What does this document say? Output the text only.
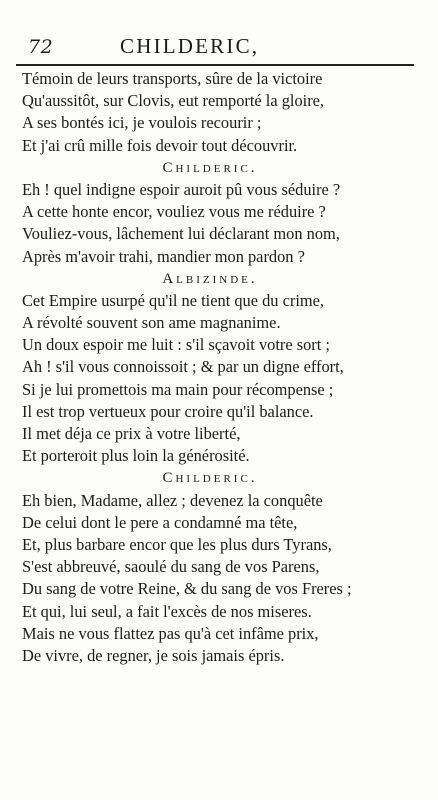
72	CHILDERIC,
Témoin de leurs transports, sûre de la victoire
Qu'aussitôt, sur Clovis, eut remporté la gloire,
A ses bontés ici, je voulois recourir ;
Et j'ai crû mille fois devoir tout découvrir.
Childeric.
Eh ! quel indigne espoir auroit pû vous séduire ?
A cette honte encor, vouliez vous me réduire ?
Vouliez-vous, lâchement lui déclarant mon nom,
Après m'avoir trahi, mandier mon pardon ?
Albizinde.
Cet Empire usurpé qu'il ne tient que du crime,
A révolté souvent son ame magnanime.
Un doux espoir me luit : s'il sçavoit votre sort ;
Ah ! s'il vous connoissoit ; & par un digne effort,
Si je lui promettois ma main pour récompense ;
Il est trop vertueux pour croire qu'il balance.
Il met déja ce prix à votre liberté,
Et porteroit plus loin la générosité.
Childeric.
Eh bien, Madame, allez ; devenez la conquête
De celui dont le pere a condamné ma tête,
Et, plus barbare encor que les plus durs Tyrans,
S'est abbreuvé, saoulé du sang de vos Parens,
Du sang de votre Reine, & du sang de vos Freres ;
Et qui, lui seul, a fait l'excès de nos miseres.
Mais ne vous flattez pas qu'à cet infâme prix,
De vivre, de regner, je sois jamais épris.
